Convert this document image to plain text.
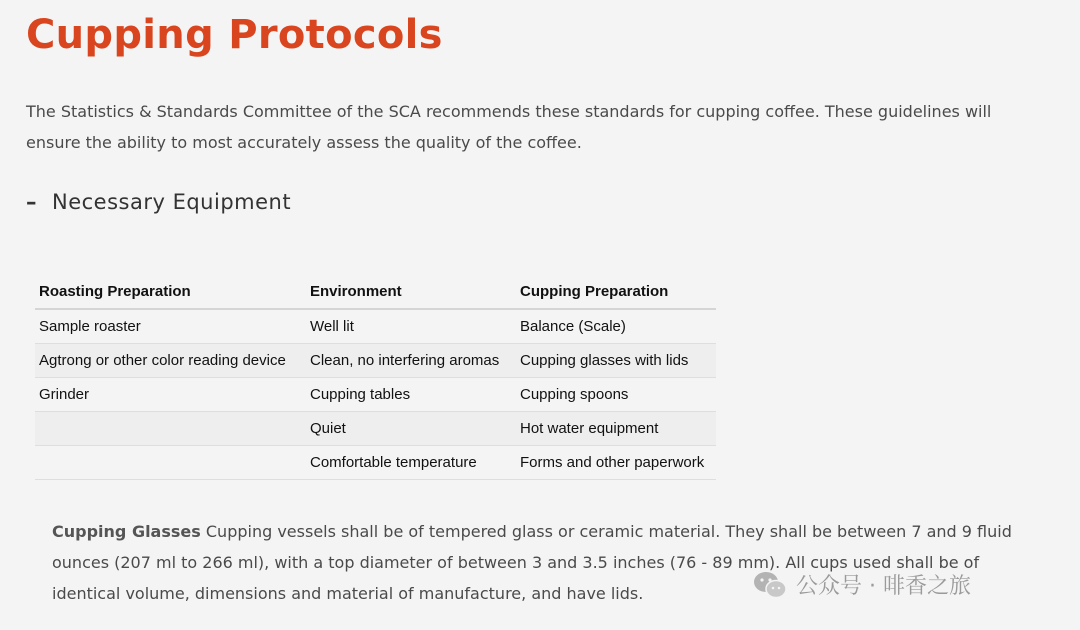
Cupping Protocols

The Statistics & Standards Committee of the SCA recommends these standards for cupping coffee. These guidelines will ensure the ability to most accurately assess the quality of the coffee.

– Necessary Equipment
Roasting Preparation	Environment	Cupping Preparation
Sample roaster	Well lit	Balance (Scale)
Agtrong or other color reading device	Clean, no interfering aromas	Cupping glasses with lids
Grinder	Cupping tables	Cupping spoons
	Quiet	Hot water equipment
	Comfortable temperature	Forms and other paperwork

Cupping Glasses Cupping vessels shall be of tempered glass or ceramic material. They shall be between 7 and 9 fluid ounces (207 ml to 266 ml), with a top diameter of between 3 and 3.5 inches (76 - 89 mm). All cups used shall be of identical volume, dimensions and material of manufacture, and have lids.	公众号 · 啡香之旅
